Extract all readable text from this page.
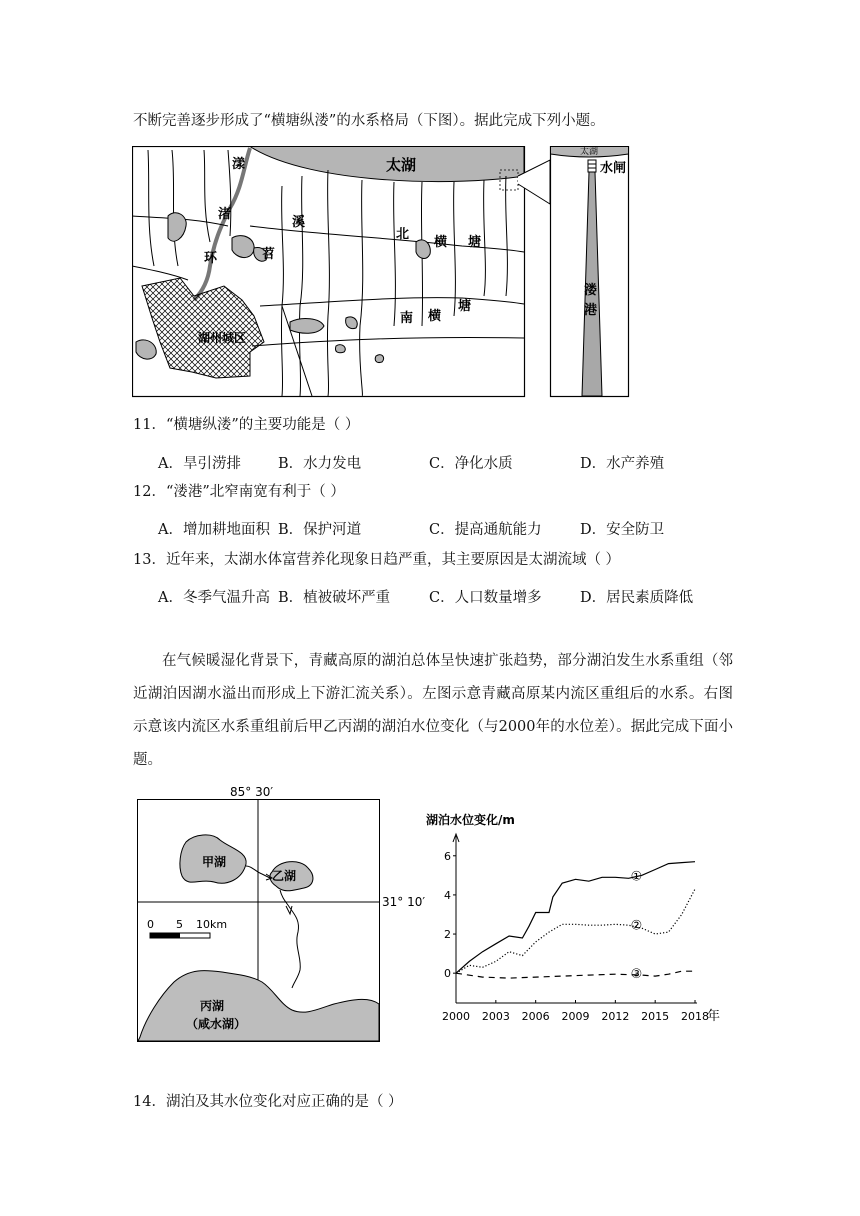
不断完善逐步形成了“横塘纵溇”的水系格局（下图）。据此完成下列小题。
太湖
漾
渚
溪
苕
环
北
横 塘
南 横
塘
湖州城区
太湖
水闸
溇
港
11．“横塘纵溇”的主要功能是（ ）
A．旱引涝排	B．水力发电	C．净化水质	D．水产养殖
12．“溇港”北窄南宽有利于（ ）
A．增加耕地面积 B．保护河道	C．提高通航能力	D．安全防卫
13．近年来，太湖水体富营养化现象日趋严重，其主要原因是太湖流域（ ）
A．冬季气温升高 B．植被破坏严重	C．人口数量增多	D．居民素质降低
在气候暖湿化背景下，青藏高原的湖泊总体呈快速扩张趋势，部分湖泊发生水系重组（邻近湖泊因湖水溢出而形成上下游汇流关系）。左图示意青藏高原某内流区重组后的水系。右图示意该内流区水系重组前后甲乙丙湖的湖泊水位变化（与2000年的水位差）。据此完成下面小题。
85° 30′
31° 10′
甲湖
乙湖
丙湖
（咸水湖）
0 5 10km
湖泊水位变化/m
0
2
4
6
2000 2003 2006 2009 2012 2015 2018
①
②
③
年
14．湖泊及其水位变化对应正确的是（ ）
